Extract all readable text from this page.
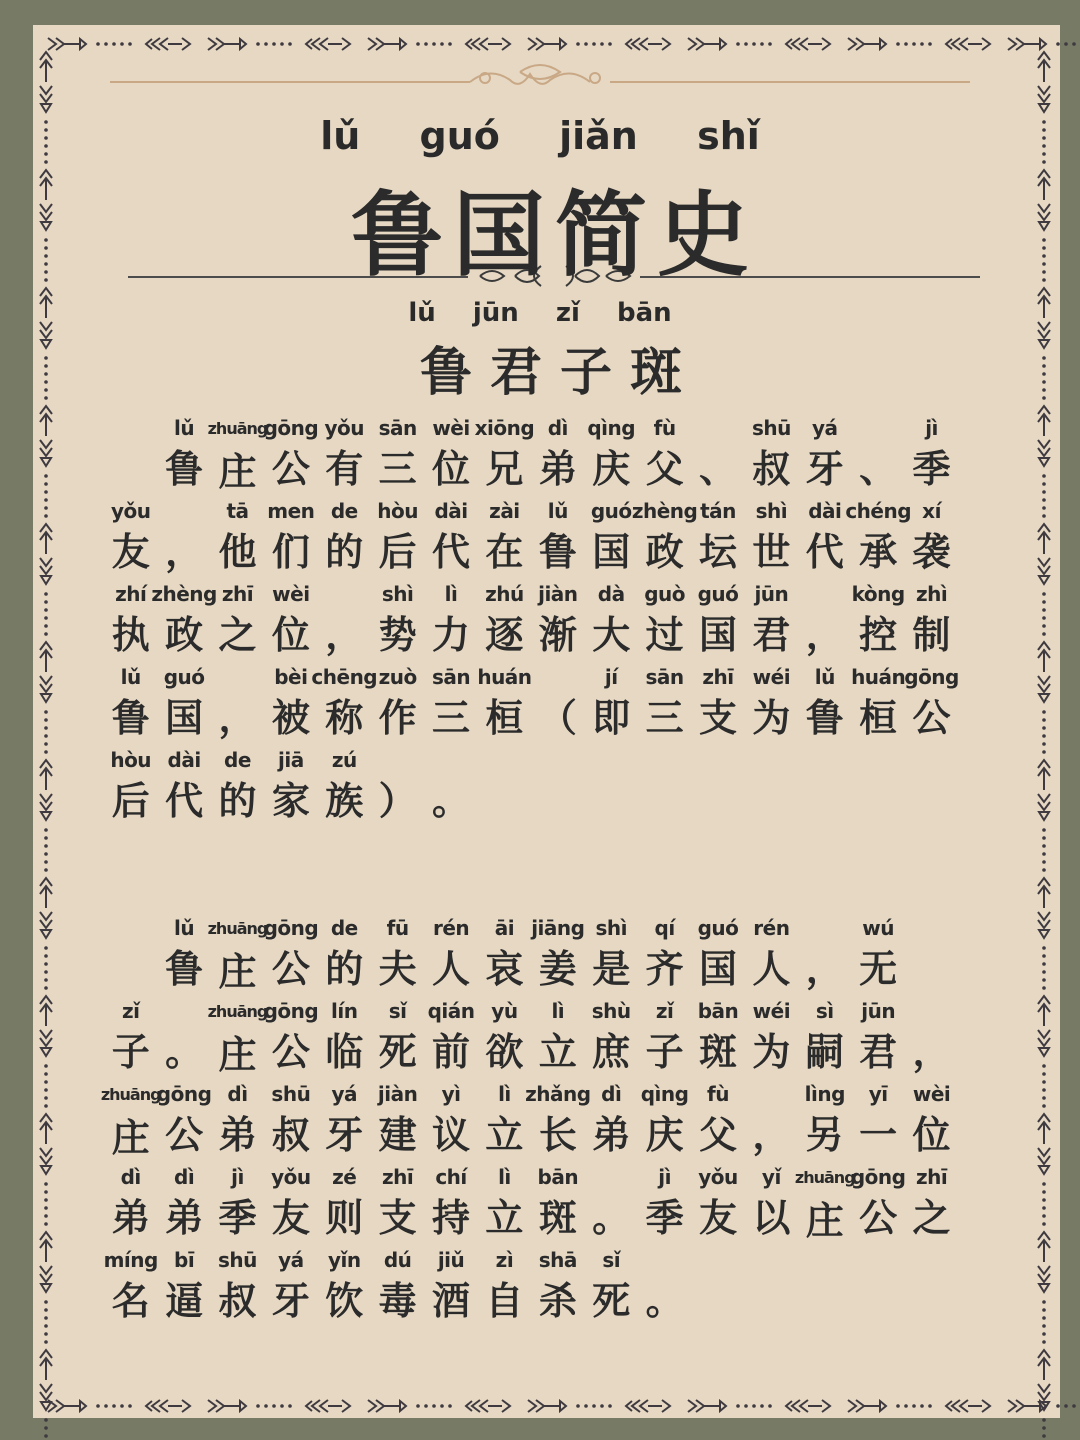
lǔ guó jiǎn shǐ
鲁国简史
lǔ jūn zǐ bān
鲁君子斑
lǔ
鲁
zhuāng
庄
gōng
公
yǒu
有
sān
三
wèi
位
xiōng
兄
dì
弟
qìng
庆
fù
父 、
shū
叔
yá
牙 、
jì
季
yǒu
友 ，
tā
他
men
们
de
的
hòu
后
dài
代
zài
在
lǔ
鲁
guó
国
zhèng
政
tán
坛
shì
世
dài
代
chéng
承
xí
袭
zhí
执
zhèng
政
zhī
之
wèi
位 ，
shì
势
lì
力
zhú
逐
jiàn
渐
dà
大
guò
过
guó
国
jūn
君 ，
kòng
控
zhì
制
lǔ
鲁
guó
国 ，
bèi
被
chēng
称
zuò
作
sān
三
huán
桓 （
jí
即
sān
三
zhī
支
wéi
为
lǔ
鲁
huán
桓
gōng
公
hòu
后
dài
代
de
的
jiā
家
zú
族 ） 。
lǔ
鲁
zhuāng
庄
gōng
公
de
的
fū
夫
rén
人
āi
哀
jiāng
姜
shì
是
qí
齐
guó
国
rén
人 ，
wú
无
zǐ
子 。
zhuāng
庄
gōng
公
lín
临
sǐ
死
qián
前
yù
欲
lì
立
shù
庶
zǐ
子
bān
斑
wéi
为
sì
嗣
jūn
君 ，
zhuāng
庄
gōng
公
dì
弟
shū
叔
yá
牙
jiàn
建
yì
议
lì
立
zhǎng
长
dì
弟
qìng
庆
fù
父 ，
lìng
另
yī
一
wèi
位
dì
弟
dì
弟
jì
季
yǒu
友
zé
则
zhī
支
chí
持
lì
立
bān
斑 。
jì
季
yǒu
友
yǐ
以
zhuāng
庄
gōng
公
zhī
之
míng
名
bī
逼
shū
叔
yá
牙
yǐn
饮
dú
毒
jiǔ
酒
zì
自
shā
杀
sǐ
死 。
